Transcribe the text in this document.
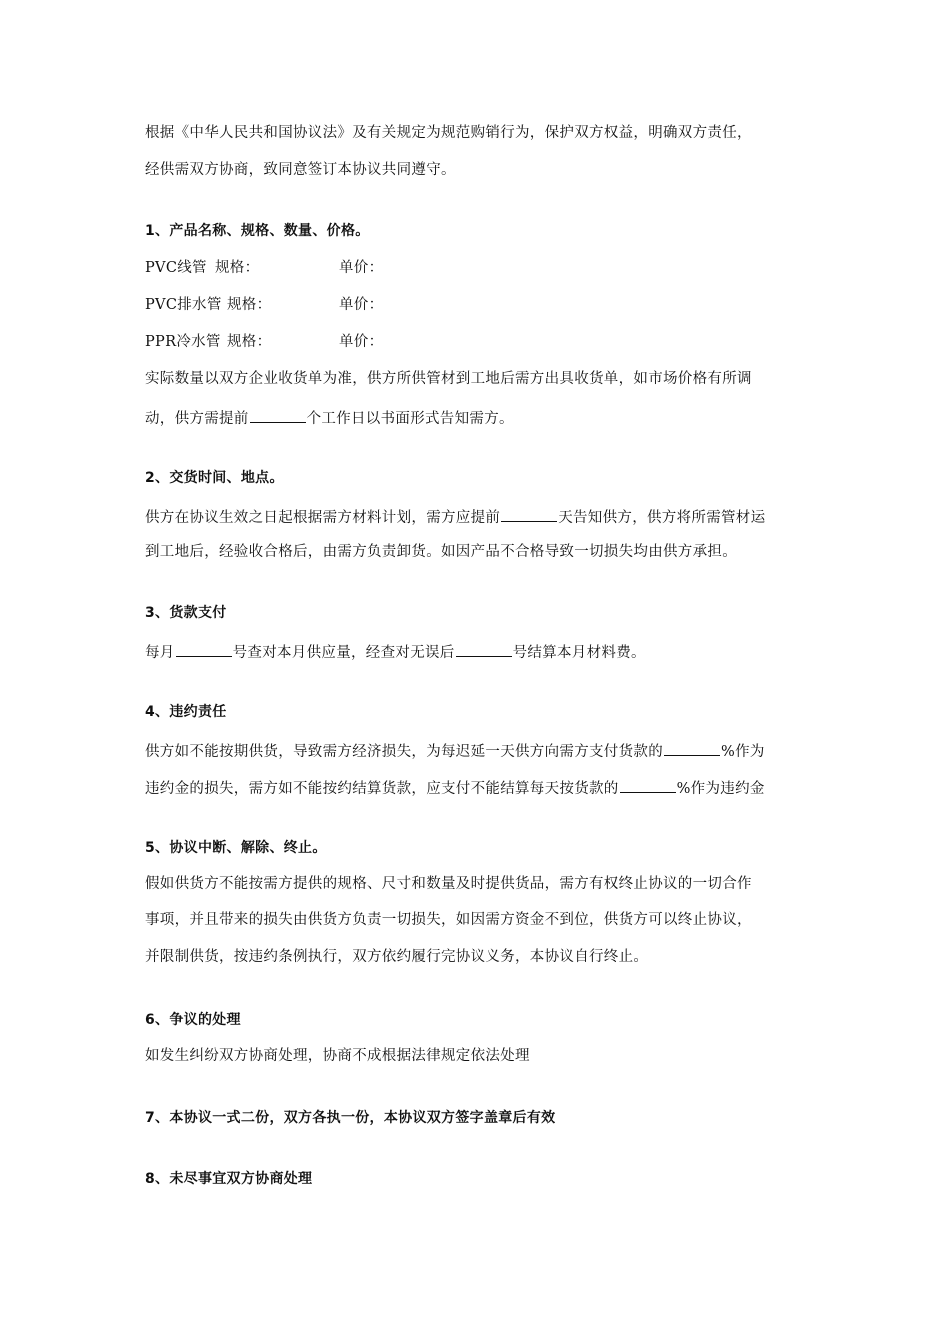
根据《中华人民共和国协议法》及有关规定为规范购销行为，保护双方权益，明确双方责任，

经供需双方协商，致同意签订本协议共同遵守。

1、产品名称、规格、数量、价格。

PVC线管 规格：	单价：
PVC排水管 规格：	单价：
PPR冷水管 规格：	单价：

实际数量以双方企业收货单为准，供方所供管材到工地后需方出具收货单，如市场价格有所调

动，供方需提前	个工作日以书面形式告知需方。

2、交货时间、地点。

供方在协议生效之日起根据需方材料计划，需方应提前	天告知供方，供方将所需管材运

到工地后，经验收合格后，由需方负责卸货。如因产品不合格导致一切损失均由供方承担。

3、货款支付

每月	号查对本月供应量，经查对无误后	号结算本月材料费。

4、违约责任

供方如不能按期供货，导致需方经济损失，为每迟延一天供方向需方支付货款的	%作为

违约金的损失，需方如不能按约结算货款，应支付不能结算每天按货款的	%作为违约金

5、协议中断、解除、终止。

假如供货方不能按需方提供的规格、尺寸和数量及时提供货品，需方有权终止协议的一切合作

事项，并且带来的损失由供货方负责一切损失，如因需方资金不到位，供货方可以终止协议，

并限制供货，按违约条例执行，双方依约履行完协议义务，本协议自行终止。

6、争议的处理

如发生纠纷双方协商处理，协商不成根据法律规定依法处理

7、本协议一式二份，双方各执一份，本协议双方签字盖章后有效

8、未尽事宜双方协商处理
